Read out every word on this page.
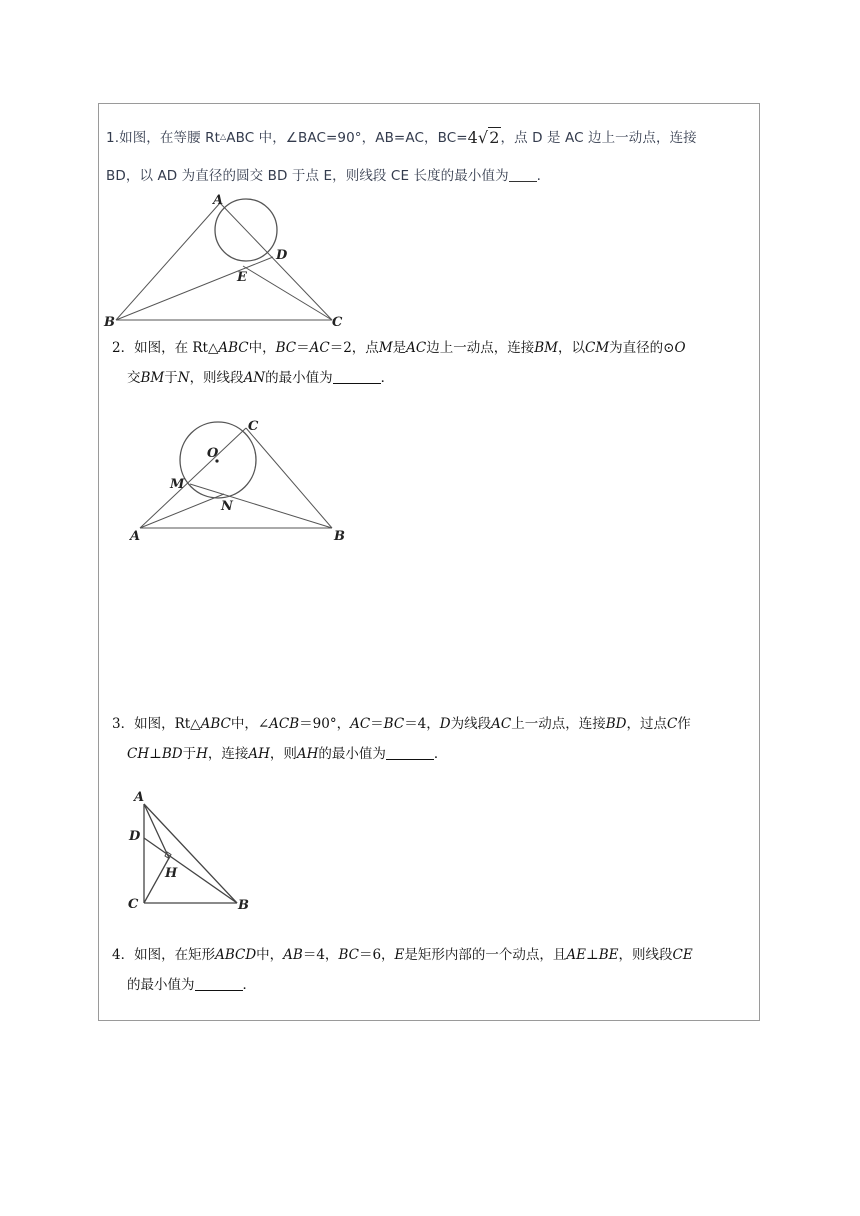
1.如图，在等腰 Rt△ABC 中，∠BAC=90°，AB=AC，BC=4√2，点 D 是 AC 边上一动点，连接
BD，以 AD 为直径的圆交 BD 于点 E，则线段 CE 长度的最小值为 .
A
B	C
D
E
2．如图，在 Rt△ABC中，BC＝AC＝2，点M是AC边上一动点，连接BM，以CM为直径的⊙O
交BM于N，则线段AN的最小值为	．
A	B
C
M
N
O
3．如图，Rt△ABC中，∠ACB＝90°，AC＝BC＝4，D为线段AC上一动点，连接BD，过点C作
CH⊥BD于H，连接AH，则AH的最小值为	．
A
B
C
D
H
4．如图，在矩形ABCD中，AB＝4，BC＝6，E是矩形内部的一个动点，且AE⊥BE，则线段CE
的最小值为	．
